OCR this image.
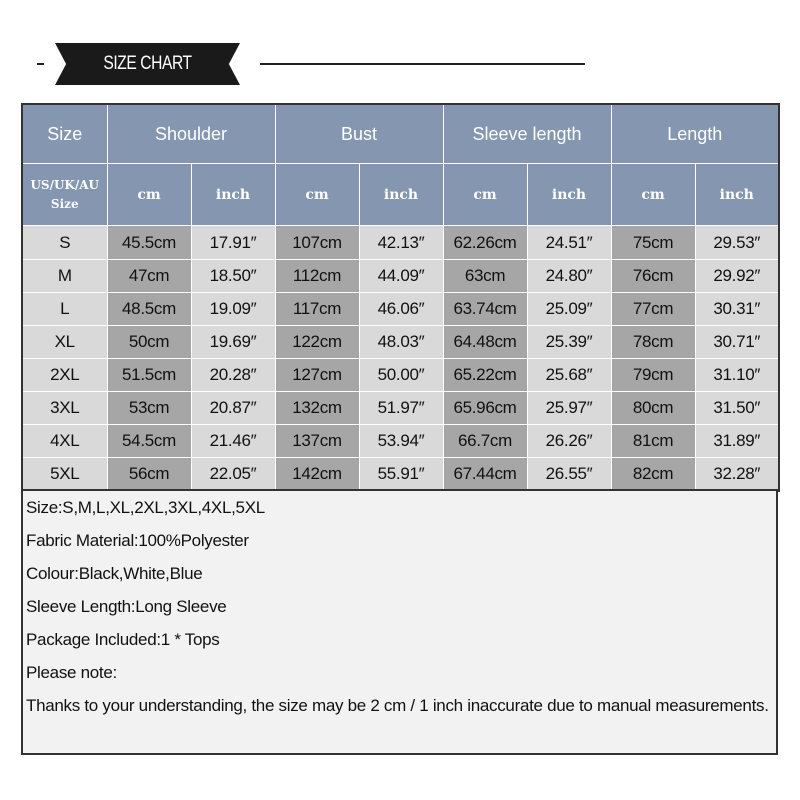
SIZE CHART
Size	Shoulder		Bust		Sleeve length		Length	
US/UK/AU
Size	cm	inch	cm	inch	cm	inch	cm	inch
S	45.5cm	17.91″	107cm	42.13″	62.26cm	24.51″	75cm	29.53″
M	47cm	18.50″	112cm	44.09″	63cm	24.80″	76cm	29.92″
L	48.5cm	19.09″	117cm	46.06″	63.74cm	25.09″	77cm	30.31″
XL	50cm	19.69″	122cm	48.03″	64.48cm	25.39″	78cm	30.71″
2XL	51.5cm	20.28″	127cm	50.00″	65.22cm	25.68″	79cm	31.10″
3XL	53cm	20.87″	132cm	51.97″	65.96cm	25.97″	80cm	31.50″
4XL	54.5cm	21.46″	137cm	53.94″	66.7cm	26.26″	81cm	31.89″
5XL	56cm	22.05″	142cm	55.91″	67.44cm	26.55″	82cm	32.28″
Size:S,M,L,XL,2XL,3XL,4XL,5XL
Fabric Material:100%Polyester
Colour:Black,White,Blue
Sleeve Length:Long Sleeve
Package Included:1 * Tops
Please note:
Thanks to your understanding, the size may be 2 cm / 1 inch inaccurate due to manual measurements.
